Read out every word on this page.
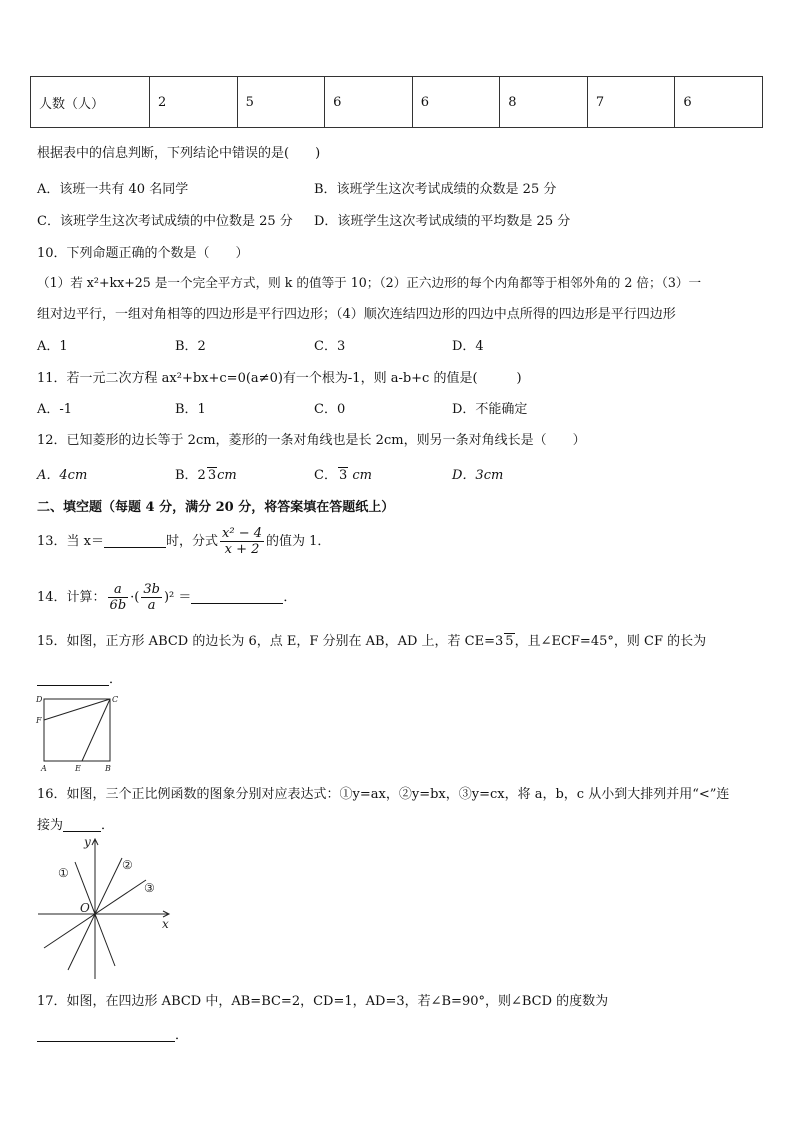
人数（人）	2	5	6	6	8	7	6
根据表中的信息判断，下列结论中错误的是(　　)
A．该班一共有 40 名同学	B．该班学生这次考试成绩的众数是 25 分
C．该班学生这次考试成绩的中位数是 25 分 D．该班学生这次考试成绩的平均数是 25 分
10．下列命题正确的个数是（　　）
（1）若 x²+kx+25 是一个完全平方式，则 k 的值等于 10；（2）正六边形的每个内角都等于相邻外角的 2 倍；（3）一
组对边平行，一组对角相等的四边形是平行四边形；（4）顺次连结四边形的四边中点所得的四边形是平行四边形
A．1	B．2	C．3	D．4
11．若一元二次方程 ax²+bx+c=0(a≠0)有一个根为-1，则 a-b+c 的值是(　　　)
A．-1	B．1	C．0	D．不能确定
12．已知菱形的边长等于 2cm，菱形的一条对角线也是长 2cm，则另一条对角线长是（　　）
A．4cm	B．2 3cm	C． 3 cm	D．3cm
二、填空题（每题 4 分，满分 20 分，将答案填在答题纸上）
13．当 x＝	时，分式 $\frac{\text{x² − 4}}{x + 2}$ 的值为 1．
14．计算： $\frac{a}{6b}$ ·( $\frac{3b}{a} )^2$ ＝	．
15．如图，正方形 ABCD 的边长为 6，点 E，F 分别在 AB，AD 上，若 CE=3 5，且∠ECF=45°，则 CF 的长为
．
D	C
F
A	E	B
16．如图，三个正比例函数的图象分别对应表达式：①y=ax，②y=bx，③y=cx，将 a，b，c 从小到大排列并用“<”连
接为	．
y
x
O
①
②
③
17．如图，在四边形 ABCD 中，AB=BC=2，CD=1，AD=3，若∠B=90°，则∠BCD 的度数为
．
